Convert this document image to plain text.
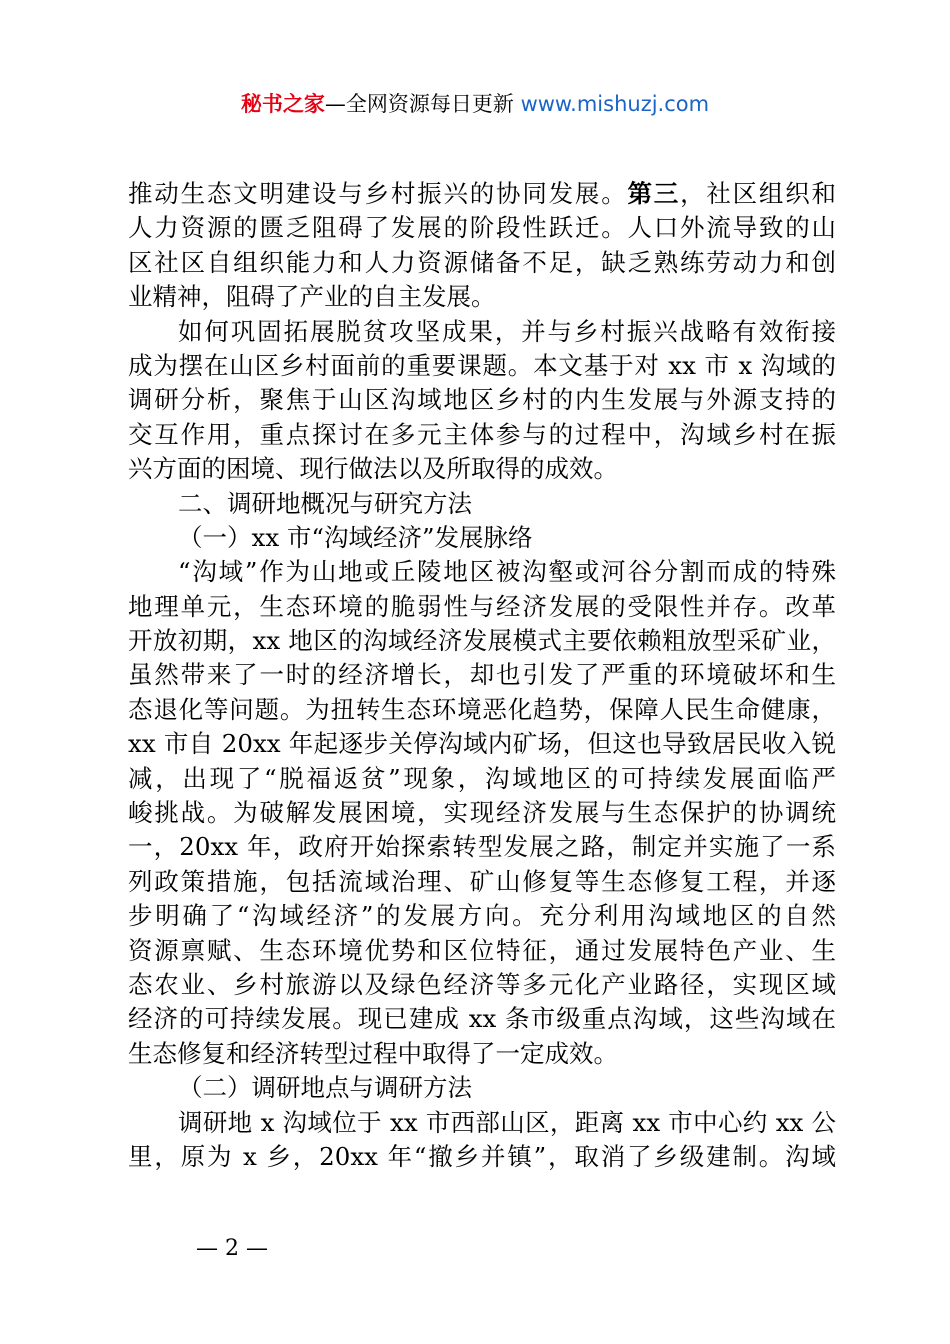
秘书之家—全网资源每日更新 www.mishuzj.com
推动生态文明建设与乡村振兴的协同发展。第三，社区组织和
人力资源的匮乏阻碍了发展的阶段性跃迁。人口外流导致的山
区社区自组织能力和人力资源储备不足，缺乏熟练劳动力和创
业精神，阻碍了产业的自主发展。
如何巩固拓展脱贫攻坚成果，并与乡村振兴战略有效衔接
成为摆在山区乡村面前的重要课题。本文基于对 xx 市 x 沟域的
调研分析，聚焦于山区沟域地区乡村的内生发展与外源支持的
交互作用，重点探讨在多元主体参与的过程中，沟域乡村在振
兴方面的困境、现行做法以及所取得的成效。
二、调研地概况与研究方法
（一）xx 市“沟域经济”发展脉络
“沟域”作为山地或丘陵地区被沟壑或河谷分割而成的特殊
地理单元，生态环境的脆弱性与经济发展的受限性并存。改革
开放初期，xx 地区的沟域经济发展模式主要依赖粗放型采矿业，
虽然带来了一时的经济增长，却也引发了严重的环境破坏和生
态退化等问题。为扭转生态环境恶化趋势，保障人民生命健康，
xx 市自 20xx 年起逐步关停沟域内矿场，但这也导致居民收入锐
减，出现了“脱福返贫”现象，沟域地区的可持续发展面临严
峻挑战。为破解发展困境，实现经济发展与生态保护的协调统
一，20xx 年，政府开始探索转型发展之路，制定并实施了一系
列政策措施，包括流域治理、矿山修复等生态修复工程，并逐
步明确了“沟域经济”的发展方向。充分利用沟域地区的自然
资源禀赋、生态环境优势和区位特征，通过发展特色产业、生
态农业、乡村旅游以及绿色经济等多元化产业路径，实现区域
经济的可持续发展。现已建成 xx 条市级重点沟域，这些沟域在
生态修复和经济转型过程中取得了一定成效。
（二）调研地点与调研方法
调研地 x 沟域位于 xx 市西部山区，距离 xx 市中心约 xx 公
里，原为 x 乡，20xx 年“撤乡并镇”，取消了乡级建制。沟域
— 2 —
